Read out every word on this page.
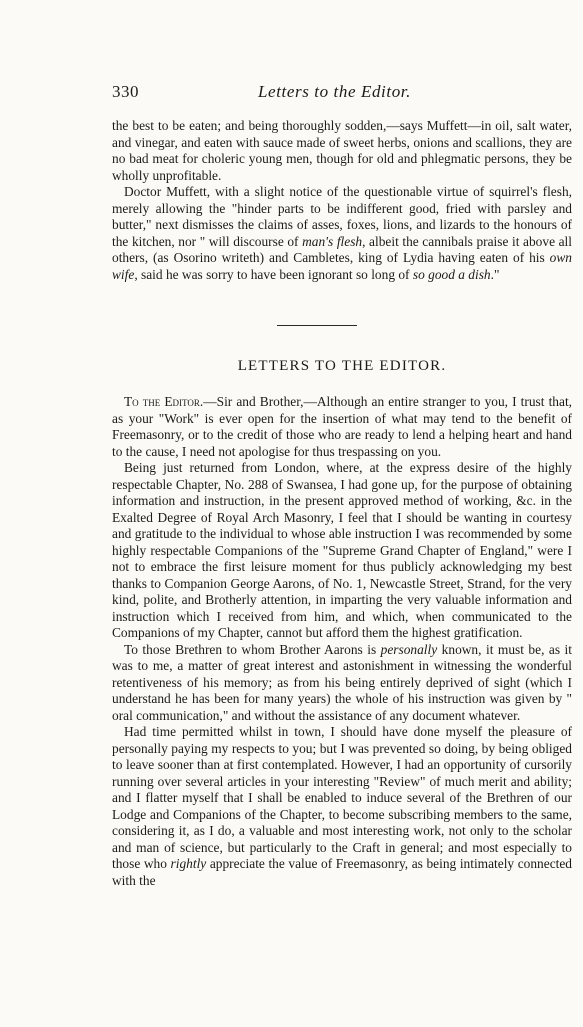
330	Letters to the Editor.

the best to be eaten; and being thoroughly sodden,—says Muffett—in oil, salt water, and vinegar, and eaten with sauce made of sweet herbs, onions and scallions, they are no bad meat for choleric young men, though for old and phlegmatic persons, they be wholly unprofitable.

Doctor Muffett, with a slight notice of the questionable virtue of squirrel's flesh, merely allowing the "hinder parts to be indifferent good, fried with parsley and butter," next dismisses the claims of asses, foxes, lions, and lizards to the honours of the kitchen, nor " will discourse of man's flesh, albeit the cannibals praise it above all others, (as Osorino writeth) and Cambletes, king of Lydia having eaten of his own wife, said he was sorry to have been ignorant so long of so good a dish."

LETTERS TO THE EDITOR.

To the Editor.—Sir and Brother,—Although an entire stranger to you, I trust that, as your "Work" is ever open for the insertion of what may tend to the benefit of Freemasonry, or to the credit of those who are ready to lend a helping heart and hand to the cause, I need not apologise for thus trespassing on you.

Being just returned from London, where, at the express desire of the highly respectable Chapter, No. 288 of Swansea, I had gone up, for the purpose of obtaining information and instruction, in the present approved method of working, &c. in the Exalted Degree of Royal Arch Masonry, I feel that I should be wanting in courtesy and gratitude to the individual to whose able instruction I was recommended by some highly respectable Companions of the "Supreme Grand Chapter of England," were I not to embrace the first leisure moment for thus publicly acknowledging my best thanks to Companion George Aarons, of No. 1, Newcastle Street, Strand, for the very kind, polite, and Brotherly attention, in imparting the very valuable information and instruction which I received from him, and which, when communicated to the Companions of my Chapter, cannot but afford them the highest gratification.

To those Brethren to whom Brother Aarons is personally known, it must be, as it was to me, a matter of great interest and astonishment in witnessing the wonderful retentiveness of his memory; as from his being entirely deprived of sight (which I understand he has been for many years) the whole of his instruction was given by " oral communication," and without the assistance of any document whatever.

Had time permitted whilst in town, I should have done myself the pleasure of personally paying my respects to you; but I was prevented so doing, by being obliged to leave sooner than at first contemplated. However, I had an opportunity of cursorily running over several articles in your interesting "Review" of much merit and ability; and I flatter myself that I shall be enabled to induce several of the Brethren of our Lodge and Companions of the Chapter, to become subscribing members to the same, considering it, as I do, a valuable and most interesting work, not only to the scholar and man of science, but particularly to the Craft in general; and most especially to those who rightly appreciate the value of Freemasonry, as being intimately connected with the
